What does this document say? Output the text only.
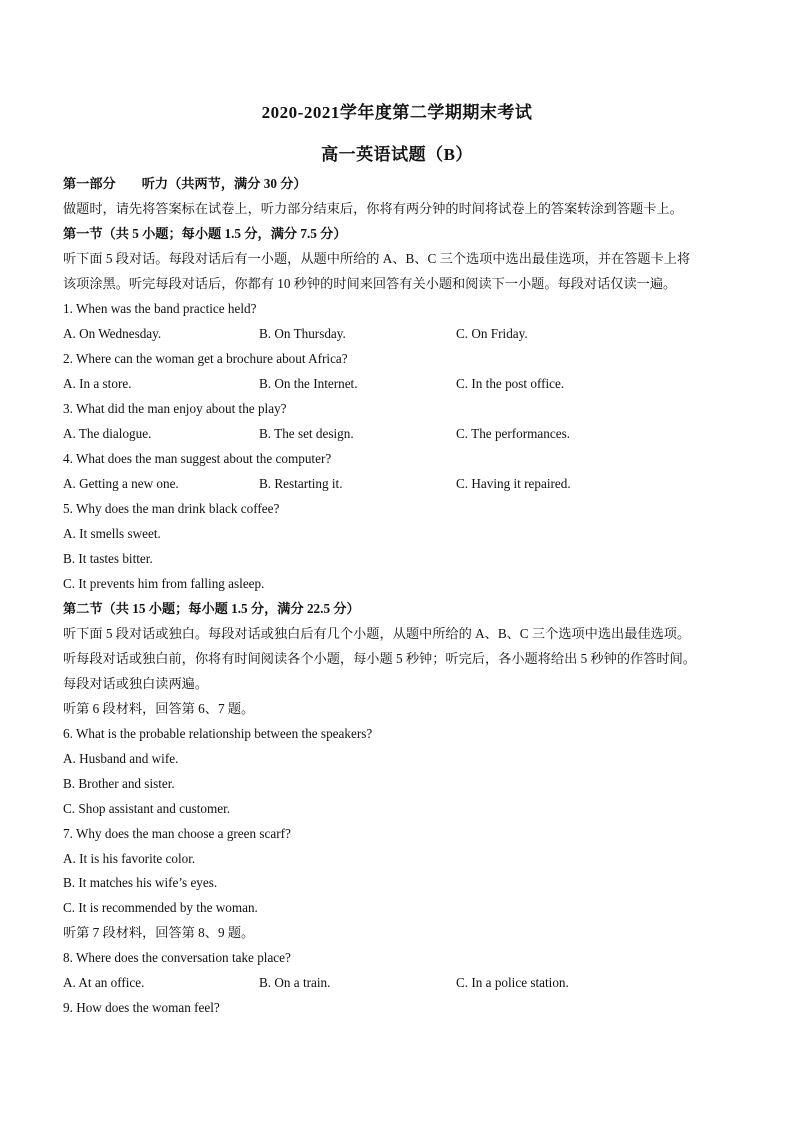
2020-2021学年度第二学期期末考试
高一英语试题（B）
第一部分 听力（共两节，满分 30 分）
做题时，请先将答案标在试卷上，听力部分结束后，你将有两分钟的时间将试卷上的答案转涂到答题卡上。
第一节（共 5 小题；每小题 1.5 分，满分 7.5 分）
听下面 5 段对话。每段对话后有一小题，从题中所给的 A、B、C 三个选项中选出最佳选项，并在答题卡上将
该项涂黑。听完每段对话后，你都有 10 秒钟的时间来回答有关小题和阅读下一小题。每段对话仅读一遍。
1. When was the band practice held?
A. On Wednesday.	B. On Thursday.	C. On Friday.
2. Where can the woman get a brochure about Africa?
A. In a store.	B. On the Internet.	C. In the post office.
3. What did the man enjoy about the play?
A. The dialogue.	B. The set design.	C. The performances.
4. What does the man suggest about the computer?
A. Getting a new one.	B. Restarting it.	C. Having it repaired.
5. Why does the man drink black coffee?
A. It smells sweet.
B. It tastes bitter.
C. It prevents him from falling asleep.
第二节（共 15 小题；每小题 1.5 分，满分 22.5 分）
听下面 5 段对话或独白。每段对话或独白后有几个小题，从题中所给的 A、B、C 三个选项中选出最佳选项。
听每段对话或独白前，你将有时间阅读各个小题，每小题 5 秒钟；听完后，各小题将给出 5 秒钟的作答时间。
每段对话或独白读两遍。
听第 6 段材料，回答第 6、7 题。
6. What is the probable relationship between the speakers?
A. Husband and wife.
B. Brother and sister.
C. Shop assistant and customer.
7. Why does the man choose a green scarf?
A. It is his favorite color.
B. It matches his wife’s eyes.
C. It is recommended by the woman.
听第 7 段材料，回答第 8、9 题。
8. Where does the conversation take place?
A. At an office.	B. On a train.	C. In a police station.
9. How does the woman feel?
